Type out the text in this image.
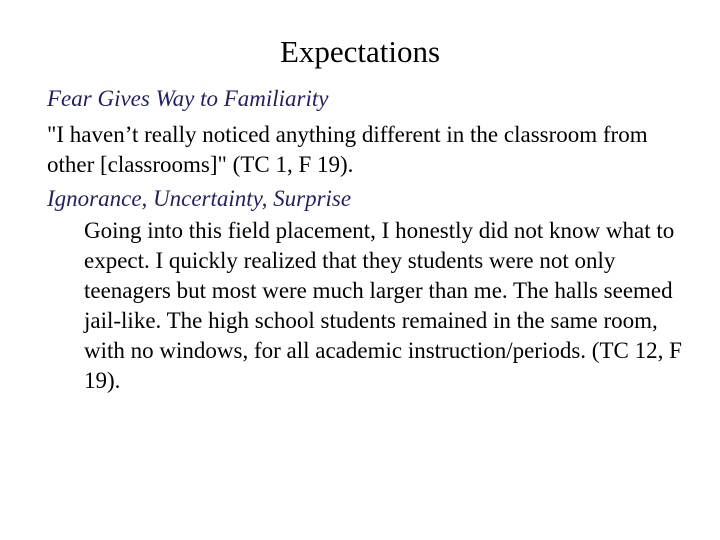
Expectations

Fear Gives Way to Familiarity

"I haven’t really noticed anything different in the classroom from other [classrooms]" (TC 1, F 19).

Ignorance, Uncertainty, Surprise

Going into this field placement, I honestly did not know what to expect. I quickly realized that they students were not only teenagers but most were much larger than me. The halls seemed jail-like. The high school students remained in the same room, with no windows, for all academic instruction/periods. (TC 12, F 19).
